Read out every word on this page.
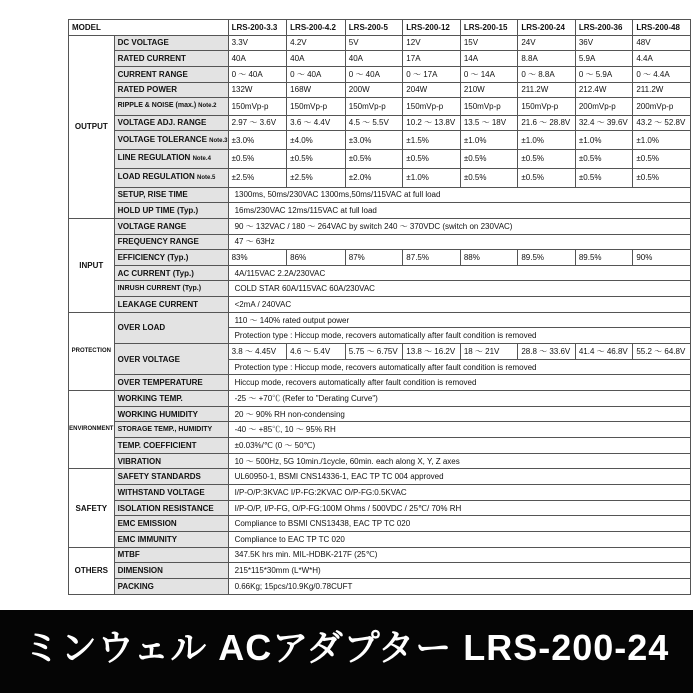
MODEL		LRS-200-3.3	LRS-200-4.2	LRS-200-5	LRS-200-12	LRS-200-15	LRS-200-24	LRS-200-36	LRS-200-48
OUTPUT	DC VOLTAGE	3.3V	4.2V	5V	12V	15V	24V	36V	48V
	RATED CURRENT	40A	40A	40A	17A	14A	8.8A	5.9A	4.4A
	CURRENT RANGE	0 ～ 40A	0 ～ 40A	0 ～ 40A	0 ～ 17A	0 ～ 14A	0 ～ 8.8A	0 ～ 5.9A	0 ～ 4.4A
	RATED POWER	132W	168W	200W	204W	210W	211.2W	212.4W	211.2W
	RIPPLE & NOISE (max.) Note.2	150mVp-p	150mVp-p	150mVp-p	150mVp-p	150mVp-p	150mVp-p	200mVp-p	200mVp-p
	VOLTAGE ADJ. RANGE	2.97 ～ 3.6V	3.6 ～ 4.4V	4.5 ～ 5.5V	10.2 ～ 13.8V	13.5 ～ 18V	21.6 ～ 28.8V	32.4 ～ 39.6V	43.2 ～ 52.8V
	VOLTAGE TOLERANCE Note.3	±3.0%	±4.0%	±3.0%	±1.5%	±1.0%	±1.0%	±1.0%	±1.0%
	LINE REGULATION Note.4	±0.5%	±0.5%	±0.5%	±0.5%	±0.5%	±0.5%	±0.5%	±0.5%
	LOAD REGULATION Note.5	±2.5%	±2.5%	±2.0%	±1.0%	±0.5%	±0.5%	±0.5%	±0.5%
	SETUP, RISE TIME	1300ms, 50ms/230VAC 1300ms,50ms/115VAC at full load							
	HOLD UP TIME (Typ.)	16ms/230VAC 12ms/115VAC at full load							
INPUT	VOLTAGE RANGE	90 ～ 132VAC / 180 ～ 264VAC by switch 240 ～ 370VDC (switch on 230VAC)							
	FREQUENCY RANGE	47 ～ 63Hz							
	EFFICIENCY (Typ.)	83%	86%	87%	87.5%	88%	89.5%	89.5%	90%
	AC CURRENT (Typ.)	4A/115VAC 2.2A/230VAC							
	INRUSH CURRENT (Typ.)	COLD STAR 60A/115VAC 60A/230VAC							
	LEAKAGE CURRENT	<2mA / 240VAC							
PROTECTION	OVER LOAD	110 ～ 140% rated output power							
		Protection type : Hiccup mode, recovers automatically after fault condition is removed							
	OVER VOLTAGE	3.8 ～ 4.45V	4.6 ～ 5.4V	5.75 ～ 6.75V	13.8 ～ 16.2V	18 ～ 21V	28.8 ～ 33.6V	41.4 ～ 46.8V	55.2 ～ 64.8V
		Protection type : Hiccup mode, recovers automatically after fault condition is removed							
	OVER TEMPERATURE	Hiccup mode, recovers automatically after fault condition is removed							
ENVIRONMENT	WORKING TEMP.	-25 ～ +70℃ (Refer to "Derating Curve")							
	WORKING HUMIDITY	20 ～ 90% RH non-condensing							
	STORAGE TEMP., HUMIDITY	-40 ～ +85℃, 10 ～ 95% RH							
	TEMP. COEFFICIENT	±0.03%/℃ (0 ～ 50℃)							
	VIBRATION	10 ～ 500Hz, 5G 10min./1cycle, 60min. each along X, Y, Z axes							
SAFETY	SAFETY STANDARDS	UL60950-1, BSMI CNS14336-1, EAC TP TC 004 approved							
	WITHSTAND VOLTAGE	I/P-O/P:3KVAC I/P-FG:2KVAC O/P-FG:0.5KVAC							
	ISOLATION RESISTANCE	I/P-O/P, I/P-FG, O/P-FG:100M Ohms / 500VDC / 25℃/ 70% RH							
	EMC EMISSION	Compliance to BSMI CNS13438, EAC TP TC 020							
	EMC IMMUNITY	Compliance to EAC TP TC 020							
OTHERS	MTBF	347.5K hrs min. MIL-HDBK-217F (25℃)							
	DIMENSION	215*115*30mm (L*W*H)							
	PACKING	0.66Kg; 15pcs/10.9Kg/0.78CUFT							
ミンウェル ACアダプター LRS-200-24
